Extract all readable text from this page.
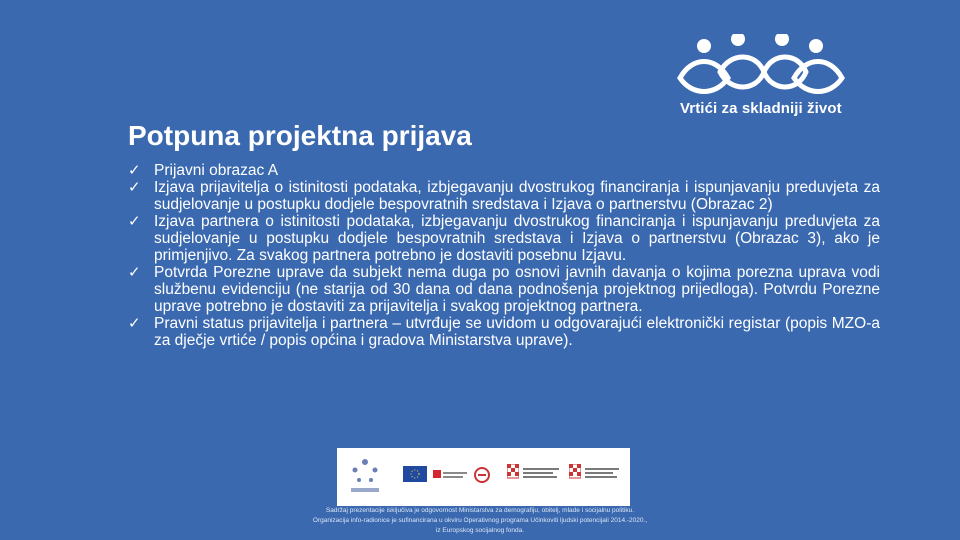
Vrtići za skladniji život
Potpuna projektna prijava
✓ Prijavni obrazac A
✓ Izjava prijavitelja o istinitosti podataka, izbjegavanju dvostrukog financiranja i ispunjavanju preduvjeta za sudjelovanje u postupku dodjele bespovratnih sredstava i Izjava o partnerstvu (Obrazac 2)
✓ Izjava partnera o istinitosti podataka, izbjegavanju dvostrukog financiranja i ispunjavanju preduvjeta za sudjelovanje u postupku dodjele bespovratnih sredstava i Izjava o partnerstvu (Obrazac 3), ako je primjenjivo. Za svakog partnera potrebno je dostaviti posebnu Izjavu.
✓ Potvrda Porezne uprave da subjekt nema duga po osnovi javnih davanja o kojima porezna uprava vodi službenu evidenciju (ne starija od 30 dana od dana podnošenja projektnog prijedloga). Potvrdu Porezne uprave potrebno je dostaviti za prijavitelja i svakog projektnog partnera.
✓ Pravni status prijavitelja i partnera – utvrđuje se uvidom u odgovarajući elektronički registar (popis MZO-a za dječje vrtiće / popis općina i gradova Ministarstva uprave).
Sadržaj prezentacije isključiva je odgovornost Ministarstva za demografiju, obitelj, mlade i socijalnu politiku.
Organizacija info-radionice je sufinancirana u okviru Operativnog programa Učinkoviti ljudski potencijali 2014.-2020.,
iz Europskog socijalnog fonda.
